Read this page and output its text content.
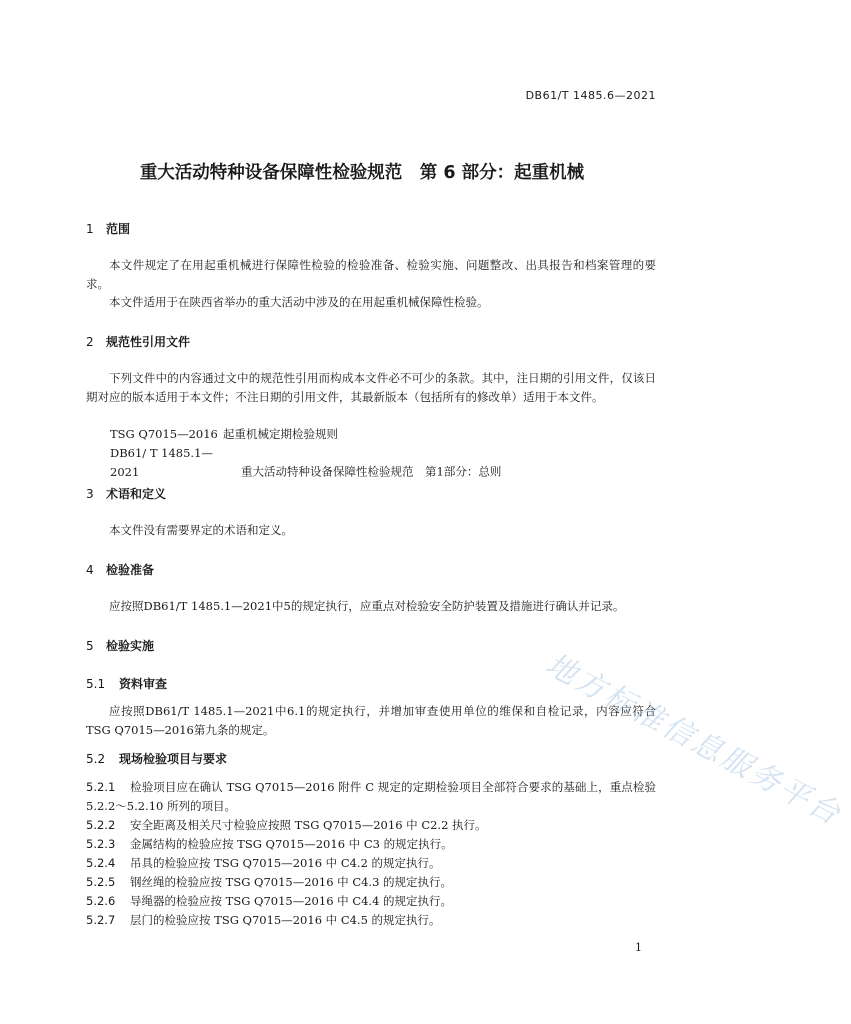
DB61/T 1485.6—2021
重大活动特种设备保障性检验规范　第 6 部分：起重机械
1 范围
本文件规定了在用起重机械进行保障性检验的检验准备、检验实施、问题整改、出具报告和档案管理的要求。
本文件适用于在陕西省举办的重大活动中涉及的在用起重机械保障性检验。
2 规范性引用文件
下列文件中的内容通过文中的规范性引用而构成本文件必不可少的条款。其中，注日期的引用文件，仅该日期对应的版本适用于本文件；不注日期的引用文件，其最新版本（包括所有的修改单）适用于本文件。
TSG Q7015—2016 起重机械定期检验规则
DB61/ T 1485.1—2021	重大活动特种设备保障性检验规范　第1部分：总则
3 术语和定义
本文件没有需要界定的术语和定义。
4 检验准备
应按照DB61/T 1485.1—2021中5的规定执行，应重点对检验安全防护装置及措施进行确认并记录。
5 检验实施
5.1 资料审查
应按照DB61/T 1485.1—2021中6.1的规定执行，并增加审查使用单位的维保和自检记录，内容应符合TSG Q7015—2016第九条的规定。
5.2 现场检验项目与要求
5.2.1 检验项目应在确认 TSG Q7015—2016 附件 C 规定的定期检验项目全部符合要求的基础上，重点检验 5.2.2～5.2.10 所列的项目。
5.2.2 安全距离及相关尺寸检验应按照 TSG Q7015—2016 中 C2.2 执行。
5.2.3 金属结构的检验应按 TSG Q7015—2016 中 C3 的规定执行。
5.2.4 吊具的检验应按 TSG Q7015—2016 中 C4.2 的规定执行。
5.2.5 钢丝绳的检验应按 TSG Q7015—2016 中 C4.3 的规定执行。
5.2.6 导绳器的检验应按 TSG Q7015—2016 中 C4.4 的规定执行。
5.2.7 层门的检验应按 TSG Q7015—2016 中 C4.5 的规定执行。
地方标准信息服务平台
1
